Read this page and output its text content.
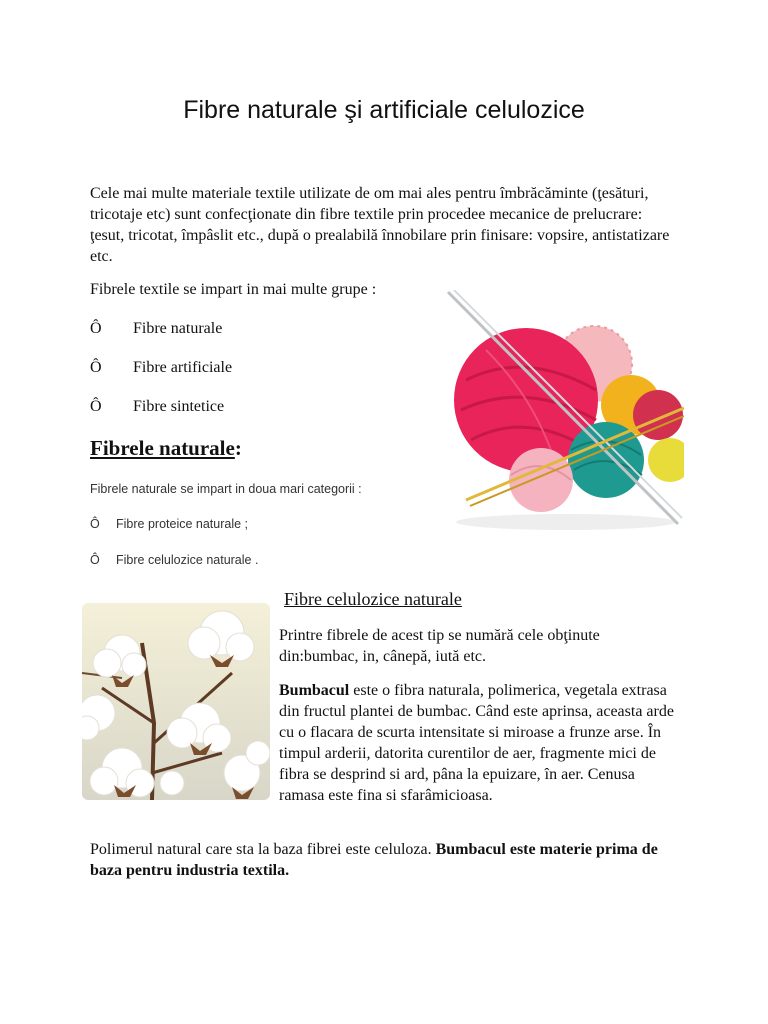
Fibre naturale şi artificiale celulozice
Cele mai multe materiale textile utilizate de om mai ales pentru îmbrăcăminte (ţesături, tricotaje etc) sunt confecţionate din fibre textile prin procedee mecanice de prelucrare: ţesut, tricotat, împâslit etc., după o prealabilă înnobilare prin finisare: vopsire, antistatizare etc.
Fibrele textile se impart in mai multe grupe :
Ô Fibre naturale
Ô Fibre artificiale
Ô Fibre sintetice
Fibrele naturale:
Fibrele naturale se impart in doua mari categorii :
Ô Fibre proteice naturale ;
Ô Fibre celulozice naturale .
Fibre celulozice naturale
Printre fibrele de acest tip se numără cele obţinute din:bumbac, in, cânepă, iută etc.
Bumbacul este o fibra naturala, polimerica, vegetala extrasa din fructul plantei de bumbac. Când este aprinsa, aceasta arde cu o flacara de scurta intensitate si miroase a frunze arse. În timpul arderii, datorita curentilor de aer, fragmente mici de fibra se desprind si ard, pâna la epuizare, în aer. Cenusa ramasa este fina si sfarâmicioasa.
Polimerul natural care sta la baza fibrei este celuloza. Bumbacul este materie prima de baza pentru industria textila.
